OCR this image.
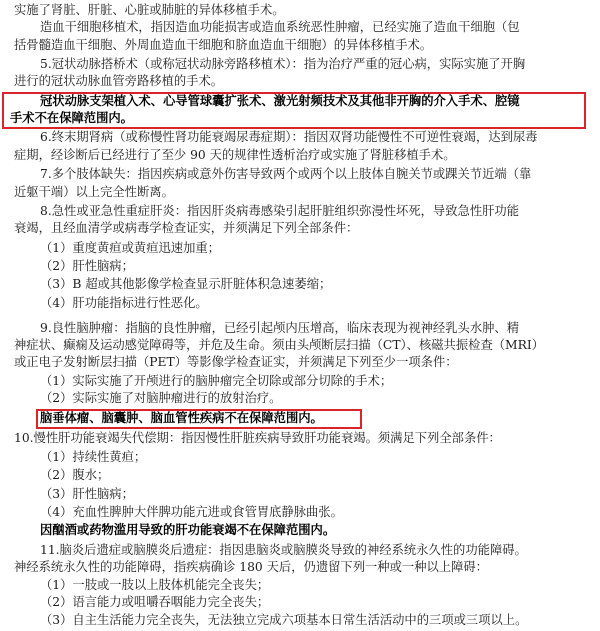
实施了肾脏、肝脏、心脏或肺脏的异体移植手术。
造血干细胞移植术，指因造血功能损害或造血系统恶性肿瘤，已经实施了造血干细胞（包
括骨髓造血干细胞、外周血造血干细胞和脐血造血干细胞）的异体移植手术。
5.冠状动脉搭桥术（或称冠状动脉旁路移植术）：指为治疗严重的冠心病，实际实施了开胸
进行的冠状动脉血管旁路移植的手术。
冠状动脉支架植入术、心导管球囊扩张术、激光射频技术及其他非开胸的介入手术、腔镜
手术不在保障范围内。
6.终末期肾病（或称慢性肾功能衰竭尿毒症期）：指因双肾功能慢性不可逆性衰竭，达到尿毒
症期，经诊断后已经进行了至少 90 天的规律性透析治疗或实施了肾脏移植手术。
7.多个肢体缺失：指因疾病或意外伤害导致两个或两个以上肢体自腕关节或踝关节近端（靠
近躯干端）以上完全性断离。
8.急性或亚急性重症肝炎：指因肝炎病毒感染引起肝脏组织弥漫性坏死，导致急性肝功能
衰竭，且经血清学或病毒学检查证实，并须满足下列全部条件：
（1）重度黄疸或黄疸迅速加重；
（2）肝性脑病；
（3）B 超或其他影像学检查显示肝脏体积急速萎缩；
（4）肝功能指标进行性恶化。
9.良性脑肿瘤：指脑的良性肿瘤，已经引起颅内压增高，临床表现为视神经乳头水肿、精
神症状、癫痫及运动感觉障碍等，并危及生命。须由头颅断层扫描（CT）、核磁共振检查（MRI）
或正电子发射断层扫描（PET）等影像学检查证实，并须满足下列至少一项条件：
（1）实际实施了开颅进行的脑肿瘤完全切除或部分切除的手术；
（2）实际实施了对脑肿瘤进行的放射治疗。
脑垂体瘤、脑囊肿、脑血管性疾病不在保障范围内。
10.慢性肝功能衰竭失代偿期：指因慢性肝脏疾病导致肝功能衰竭。须满足下列全部条件：
（1）持续性黄疸；
（2）腹水；
（3）肝性脑病；
（4）充血性脾肿大伴脾功能亢进或食管胃底静脉曲张。
因酗酒或药物滥用导致的肝功能衰竭不在保障范围内。
11.脑炎后遗症或脑膜炎后遗症：指因患脑炎或脑膜炎导致的神经系统永久性的功能障碍。
神经系统永久性的功能障碍，指疾病确诊 180 天后，仍遗留下列一种或一种以上障碍：
（1）一肢或一肢以上肢体机能完全丧失；
（2）语言能力或咀嚼吞咽能力完全丧失；
（3）自主生活能力完全丧失，无法独立完成六项基本日常生活活动中的三项或三项以上。
